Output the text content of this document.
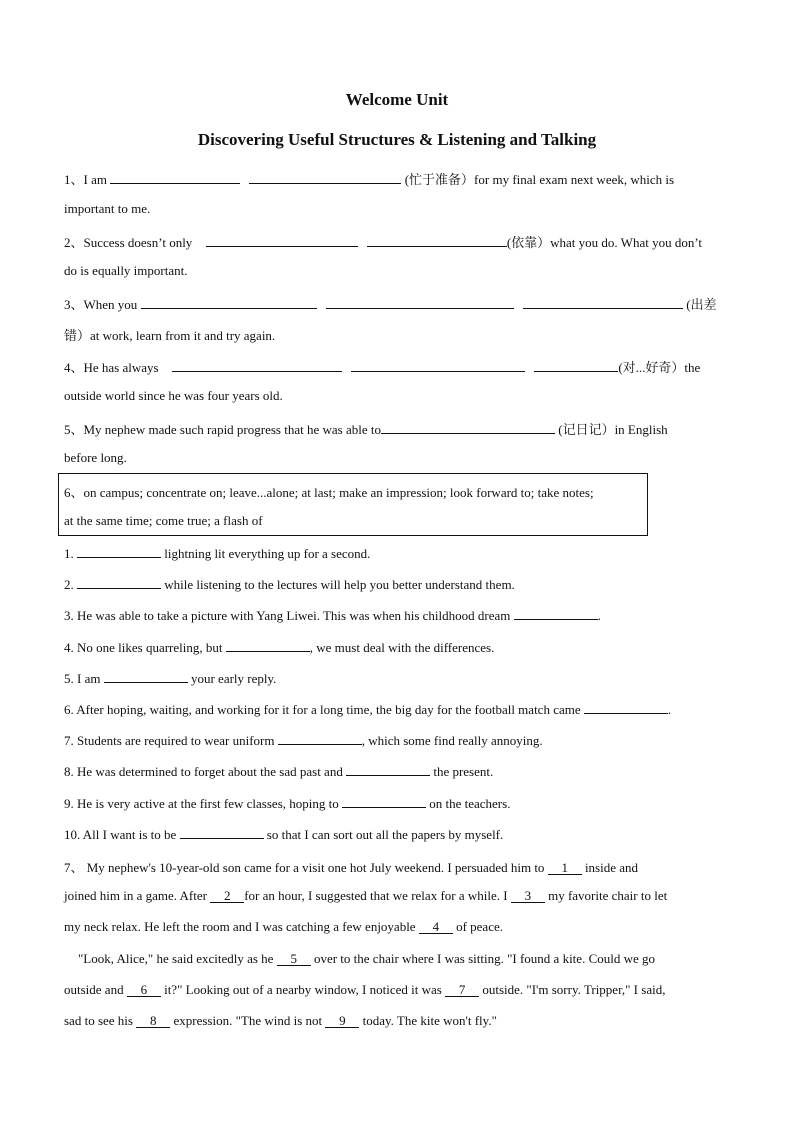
Welcome Unit
Discovering Useful Structures & Listening and Talking
1、I am	(忙于准备）for my final exam next week, which is
important to me.
2、Success doesn’t only	(依靠）what you do. What you don’t
do is equally important.
3、When you	(出差
错）at work, learn from it and try again.
4、He has always	(对...好奇）the
outside world since he was four years old.
5、My nephew made such rapid progress that he was able to	(记日记）in English
before long.
6、on campus; concentrate on; leave...alone; at last; make an impression; look forward to; take notes;
at the same time; come true; a flash of
1.	lightning lit everything up for a second.
2.	while listening to the lectures will help you better understand them.
3. He was able to take a picture with Yang Liwei. This was when his childhood dream	.
4. No one likes quarreling, but	, we must deal with the differences.
5. I am	your early reply.
6. After hoping, waiting, and working for it for a long time, the big day for the football match came	.
7. Students are required to wear uniform	, which some find really annoying.
8. He was determined to forget about the sad past and	the present.
9. He is very active at the first few classes, hoping to	on the teachers.
10. All I want is to be	so that I can sort out all the papers by myself.
7、 My nephew's 10-year-old son came for a visit one hot July weekend. I persuaded him to 1 inside and
joined him in a game. After 2 for an hour, I suggested that we relax for a while. I 3 my favorite chair to let
my neck relax. He left the room and I was catching a few enjoyable 4 of peace.
"Look, Alice," he said excitedly as he 5 over to the chair where I was sitting. "I found a kite. Could we go
outside and 6 it?" Looking out of a nearby window, I noticed it was 7 outside. "I'm sorry. Tripper," I said,
sad to see his 8 expression. "The wind is not 9 today. The kite won't fly."
